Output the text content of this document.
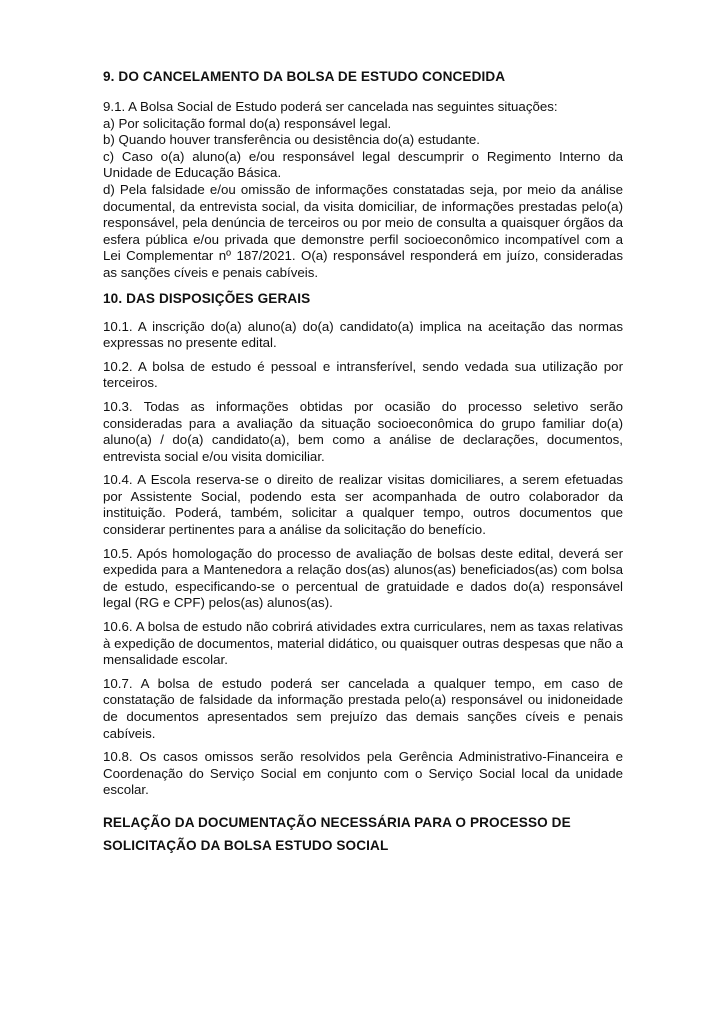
9. DO CANCELAMENTO DA BOLSA DE ESTUDO CONCEDIDA

9.1. A Bolsa Social de Estudo poderá ser cancelada nas seguintes situações:

a) Por solicitação formal do(a) responsável legal.

b) Quando houver transferência ou desistência do(a) estudante.

c) Caso o(a) aluno(a) e/ou responsável legal descumprir o Regimento Interno da Unidade de Educação Básica.

d) Pela falsidade e/ou omissão de informações constatadas seja, por meio da análise documental, da entrevista social, da visita domiciliar, de informações prestadas pelo(a) responsável, pela denúncia de terceiros ou por meio de consulta a quaisquer órgãos da esfera pública e/ou privada que demonstre perfil socioeconômico incompatível com a Lei Complementar nº 187/2021. O(a) responsável responderá em juízo, consideradas as sanções cíveis e penais cabíveis.

10. DAS DISPOSIÇÕES GERAIS

10.1. A inscrição do(a) aluno(a) do(a) candidato(a) implica na aceitação das normas expressas no presente edital.

10.2. A bolsa de estudo é pessoal e intransferível, sendo vedada sua utilização por terceiros.

10.3. Todas as informações obtidas por ocasião do processo seletivo serão consideradas para a avaliação da situação socioeconômica do grupo familiar do(a) aluno(a) / do(a) candidato(a), bem como a análise de declarações, documentos, entrevista social e/ou visita domiciliar.

10.4. A Escola reserva-se o direito de realizar visitas domiciliares, a serem efetuadas por Assistente Social, podendo esta ser acompanhada de outro colaborador da instituição. Poderá, também, solicitar a qualquer tempo, outros documentos que considerar pertinentes para a análise da solicitação do benefício.

10.5. Após homologação do processo de avaliação de bolsas deste edital, deverá ser expedida para a Mantenedora a relação dos(as) alunos(as) beneficiados(as) com bolsa de estudo, especificando-se o percentual de gratuidade e dados do(a) responsável legal (RG e CPF) pelos(as) alunos(as).

10.6. A bolsa de estudo não cobrirá atividades extra curriculares, nem as taxas relativas à expedição de documentos, material didático, ou quaisquer outras despesas que não a mensalidade escolar.

10.7. A bolsa de estudo poderá ser cancelada a qualquer tempo, em caso de constatação de falsidade da informação prestada pelo(a) responsável ou inidoneidade de documentos apresentados sem prejuízo das demais sanções cíveis e penais cabíveis.

10.8. Os casos omissos serão resolvidos pela Gerência Administrativo-Financeira e Coordenação do Serviço Social em conjunto com o Serviço Social local da unidade escolar.

RELAÇÃO DA DOCUMENTAÇÃO NECESSÁRIA PARA O PROCESSO DE SOLICITAÇÃO DA BOLSA ESTUDO SOCIAL
